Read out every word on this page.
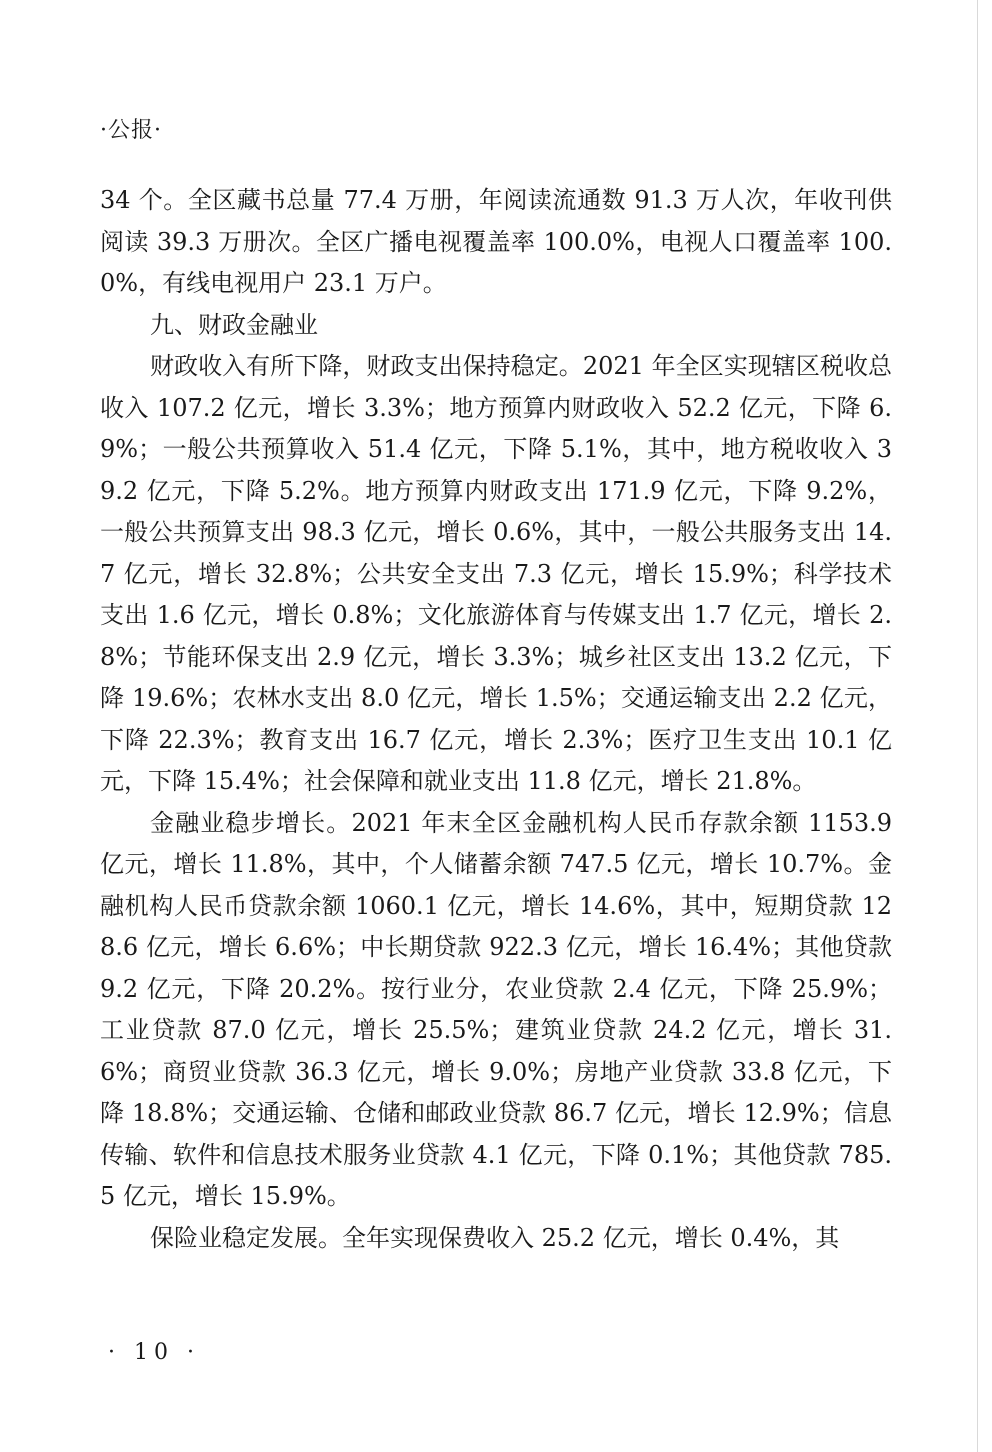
·公报·

34 个。全区藏书总量 77.4 万册，年阅读流通数 91.3 万人次，年收刊供阅读 39.3 万册次。全区广播电视覆盖率 100.0%，电视人口覆盖率 100.0%，有线电视用户 23.1 万户。

九、财政金融业

财政收入有所下降，财政支出保持稳定。2021 年全区实现辖区税收总收入 107.2 亿元，增长 3.3%；地方预算内财政收入 52.2 亿元，下降 6.9%；一般公共预算收入 51.4 亿元，下降 5.1%，其中，地方税收收入 39.2 亿元，下降 5.2%。地方预算内财政支出 171.9 亿元，下降 9.2%，一般公共预算支出 98.3 亿元，增长 0.6%，其中，一般公共服务支出 14.7 亿元，增长 32.8%；公共安全支出 7.3 亿元，增长 15.9%；科学技术支出 1.6 亿元，增长 0.8%；文化旅游体育与传媒支出 1.7 亿元，增长 2.8%；节能环保支出 2.9 亿元，增长 3.3%；城乡社区支出 13.2 亿元，下降 19.6%；农林水支出 8.0 亿元，增长 1.5%；交通运输支出 2.2 亿元，下降 22.3%；教育支出 16.7 亿元，增长 2.3%；医疗卫生支出 10.1 亿元，下降 15.4%；社会保障和就业支出 11.8 亿元，增长 21.8%。

金融业稳步增长。2021 年末全区金融机构人民币存款余额 1153.9 亿元，增长 11.8%，其中，个人储蓄余额 747.5 亿元，增长 10.7%。金融机构人民币贷款余额 1060.1 亿元，增长 14.6%，其中，短期贷款 128.6 亿元，增长 6.6%；中长期贷款 922.3 亿元，增长 16.4%；其他贷款 9.2 亿元，下降 20.2%。按行业分，农业贷款 2.4 亿元，下降 25.9%；工业贷款 87.0 亿元，增长 25.5%；建筑业贷款 24.2 亿元，增长 31.6%；商贸业贷款 36.3 亿元，增长 9.0%；房地产业贷款 33.8 亿元，下降 18.8%；交通运输、仓储和邮政业贷款 86.7 亿元，增长 12.9%；信息传输、软件和信息技术服务业贷款 4.1 亿元，下降 0.1%；其他贷款 785.5 亿元，增长 15.9%。

保险业稳定发展。全年实现保费收入 25.2 亿元，增长 0.4%，其

· 10 ·
